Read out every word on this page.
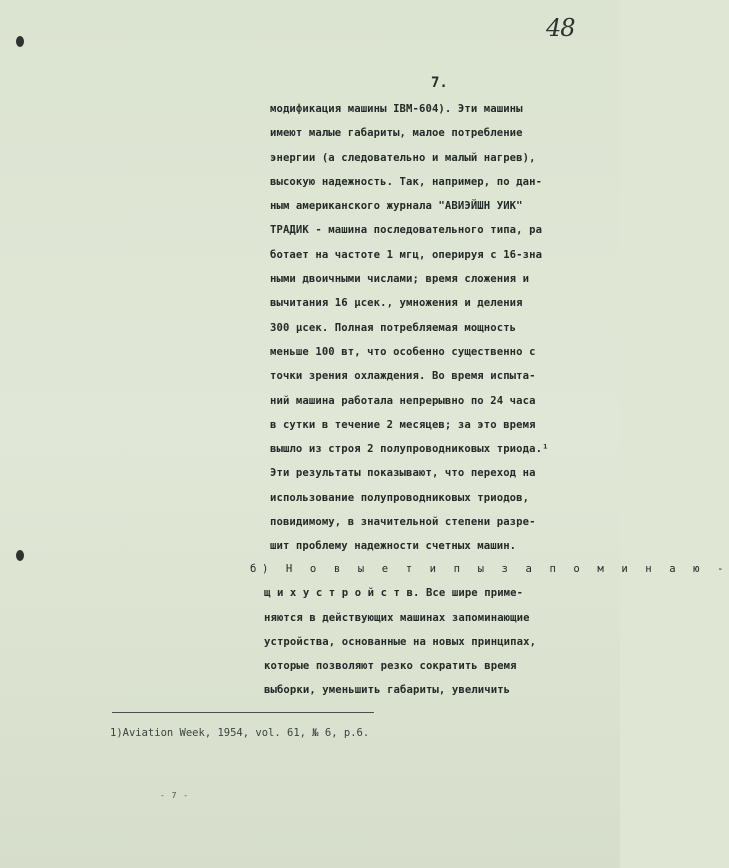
48
7.
модификация машины IBM-604). Эти машины
имеют малые габариты, малое потребление
энергии (а следовательно и малый нагрев),
высокую надежность. Так, например, по дан-
ным американского журнала "АВИЭЙШН УИК"
ТРАДИК - машина последовательного типа, ра
ботает на частоте 1 мгц, оперируя с 16-зна
ными двоичными числами; время сложения и
вычитания 16 μсек., умножения и деления
300 μсек. Полная потребляемая мощность
меньше 100 вт, что особенно существенно с
точки зрения охлаждения. Во время испыта-
ний машина работала непрерывно по 24 часа
в сутки в течение 2 месяцев; за это время
вышло из строя 2 полупроводниковых триода.¹
Эти результаты показывают, что переход на
использование полупроводниковых триодов,
повидимому, в значительной степени разре-
шит проблему надежности счетных машин.
б) Н о в ы е т и п ы з а п о м и н а ю -
щ и х у с т р о й с т в. Все шире приме-
няются в действующих машинах запоминающие
устройства, основанные на новых принципах,
которые позволяют резко сократить время
выборки, уменьшить габариты, увеличить
1)Aviation Week, 1954, vol. 61, № 6, p.6.
- 7 -
